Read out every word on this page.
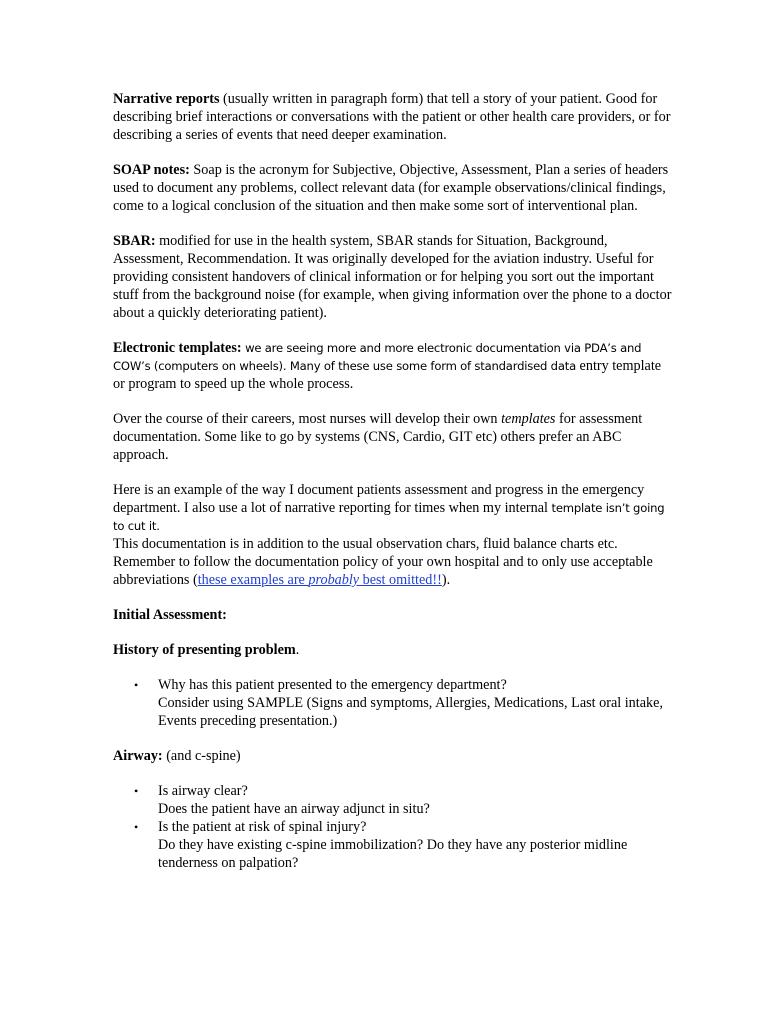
Narrative reports (usually written in paragraph form) that tell a story of your patient. Good for describing brief interactions or conversations with the patient or other health care providers, or for describing a series of events that need deeper examination.

SOAP notes: Soap is the acronym for Subjective, Objective, Assessment, Plan a series of headers used to document any problems, collect relevant data (for example observations/clinical findings, come to a logical conclusion of the situation and then make some sort of interventional plan.

SBAR: modified for use in the health system, SBAR stands for Situation, Background, Assessment, Recommendation. It was originally developed for the aviation industry. Useful for providing consistent handovers of clinical information or for helping you sort out the important stuff from the background noise (for example, when giving information over the phone to a doctor about a quickly deteriorating patient).

Electronic templates: we are seeing more and more electronic documentation via PDA’s and COW’s (computers on wheels). Many of these use some form of standardised data entry template or program to speed up the whole process.

Over the course of their careers, most nurses will develop their own templates for assessment documentation. Some like to go by systems (CNS, Cardio, GIT etc) others prefer an ABC approach.

Here is an example of the way I document patients assessment and progress in the emergency department. I also use a lot of narrative reporting for times when my internal template isn’t going to cut it.
This documentation is in addition to the usual observation chars, fluid balance charts etc. Remember to follow the documentation policy of your own hospital and to only use acceptable abbreviations (these examples are probably best omitted!!).

Initial Assessment:

History of presenting problem.

• Why has this patient presented to the emergency department?
Consider using SAMPLE (Signs and symptoms, Allergies, Medications, Last oral intake, Events preceding presentation.)

Airway: (and c-spine)

• Is airway clear?
Does the patient have an airway adjunct in situ?
• Is the patient at risk of spinal injury?
Do they have existing c-spine immobilization? Do they have any posterior midline tenderness on palpation?
